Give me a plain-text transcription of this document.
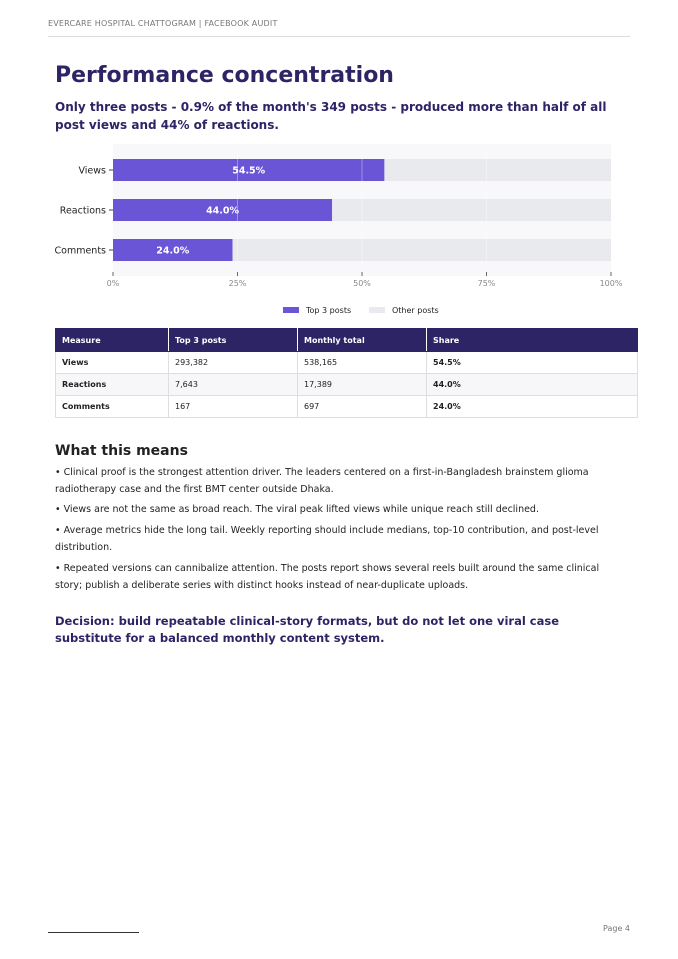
EVERCARE HOSPITAL CHATTOGRAM | FACEBOOK AUDIT
Performance concentration

Only three posts - 0.9% of the month's 349 posts - produced more than half of all post views and 44% of reactions.

Views	54.5%
Reactions	44.0%
Comments	24.0%
0%	25%	50%	75%	100%
Top 3 posts	Other posts
Measure	Top 3 posts	Monthly total	Share
Views	293,382	538,165	54.5%
Reactions	7,643	17,389	44.0%
Comments	167	697	24.0%
What this means

• Clinical proof is the strongest attention driver. The leaders centered on a first-in-Bangladesh brainstem glioma radiotherapy case and the first BMT center outside Dhaka.

• Views are not the same as broad reach. The viral peak lifted views while unique reach still declined.

• Average metrics hide the long tail. Weekly reporting should include medians, top-10 contribution, and post-level distribution.

• Repeated versions can cannibalize attention. The posts report shows several reels built around the same clinical story; publish a deliberate series with distinct hooks instead of near-duplicate uploads.

Decision: build repeatable clinical-story formats, but do not let one viral case substitute for a balanced monthly content system.

Page 4
